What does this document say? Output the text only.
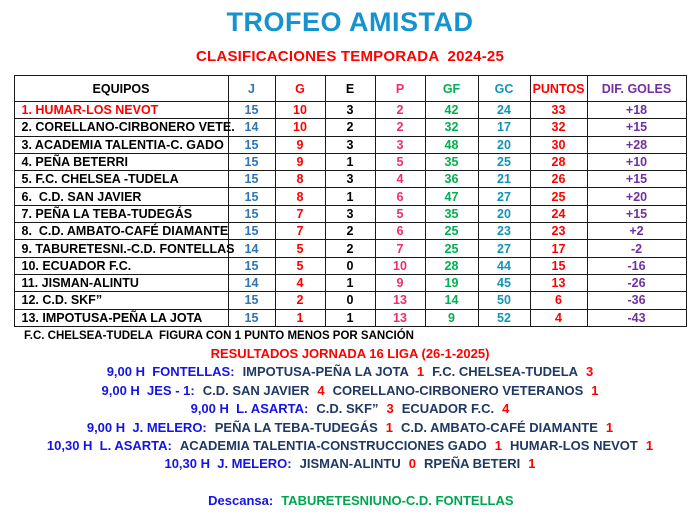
TROFEO AMISTAD
CLASIFICACIONES TEMPORADA  2024-25
EQUIPOS	J	G	E	P	GF	GC	PUNTOS	DIF. GOLES
1. HUMAR-LOS NEVOT	15	10	3	2	42	24	33	+18
2. CORELLANO-CIRBONERO VETE.	14	10	2	2	32	17	32	+15
3. ACADEMIA TALENTIA-C. GADO	15	9	3	3	48	20	30	+28
4. PEÑA BETERRI	15	9	1	5	35	25	28	+10
5. F.C. CHELSEA -TUDELA	15	8	3	4	36	21	26	+15
6.  C.D. SAN JAVIER	15	8	1	6	47	27	25	+20
7. PEÑA LA TEBA-TUDEGÁS	15	7	3	5	35	20	24	+15
8.  C.D. AMBATO-CAFÉ DIAMANTE	15	7	2	6	25	23	23	+2
9. TABURETESNI.-C.D. FONTELLAS	14	5	2	7	25	27	17	-2
10. ECUADOR F.C.	15	5	0	10	28	44	15	-16
11. JISMAN-ALINTU	14	4	1	9	19	45	13	-26
12. C.D. SKF”	15	2	0	13	14	50	6	-36
13. IMPOTUSA-PEÑA LA JOTA	15	1	1	13	9	52	4	-43
F.C. CHELSEA-TUDELA  FIGURA CON 1 PUNTO MENOS POR SANCIÓN
RESULTADOS JORNADA 16 LIGA (26-1-2025)
9,00 H  FONTELLAS: IMPOTUSA-PEÑA LA JOTA 1 F.C. CHELSEA-TUDELA 3
9,00 H  JES - 1: C.D. SAN JAVIER 4 CORELLANO-CIRBONERO VETERANOS 1
9,00 H  L. ASARTA: C.D. SKF” 3 ECUADOR F.C. 4
9,00 H  J. MELERO: PEÑA LA TEBA-TUDEGÁS 1 C.D. AMBATO-CAFÉ DIAMANTE 1
10,30 H  L. ASARTA: ACADEMIA TALENTIA-CONSTRUCCIONES GADO 1 HUMAR-LOS NEVOT 1
10,30 H  J. MELERO: JISMAN-ALINTU 0 RPEÑA BETERI 1

Descansa: TABURETESNIUNO-C.D. FONTELLAS
